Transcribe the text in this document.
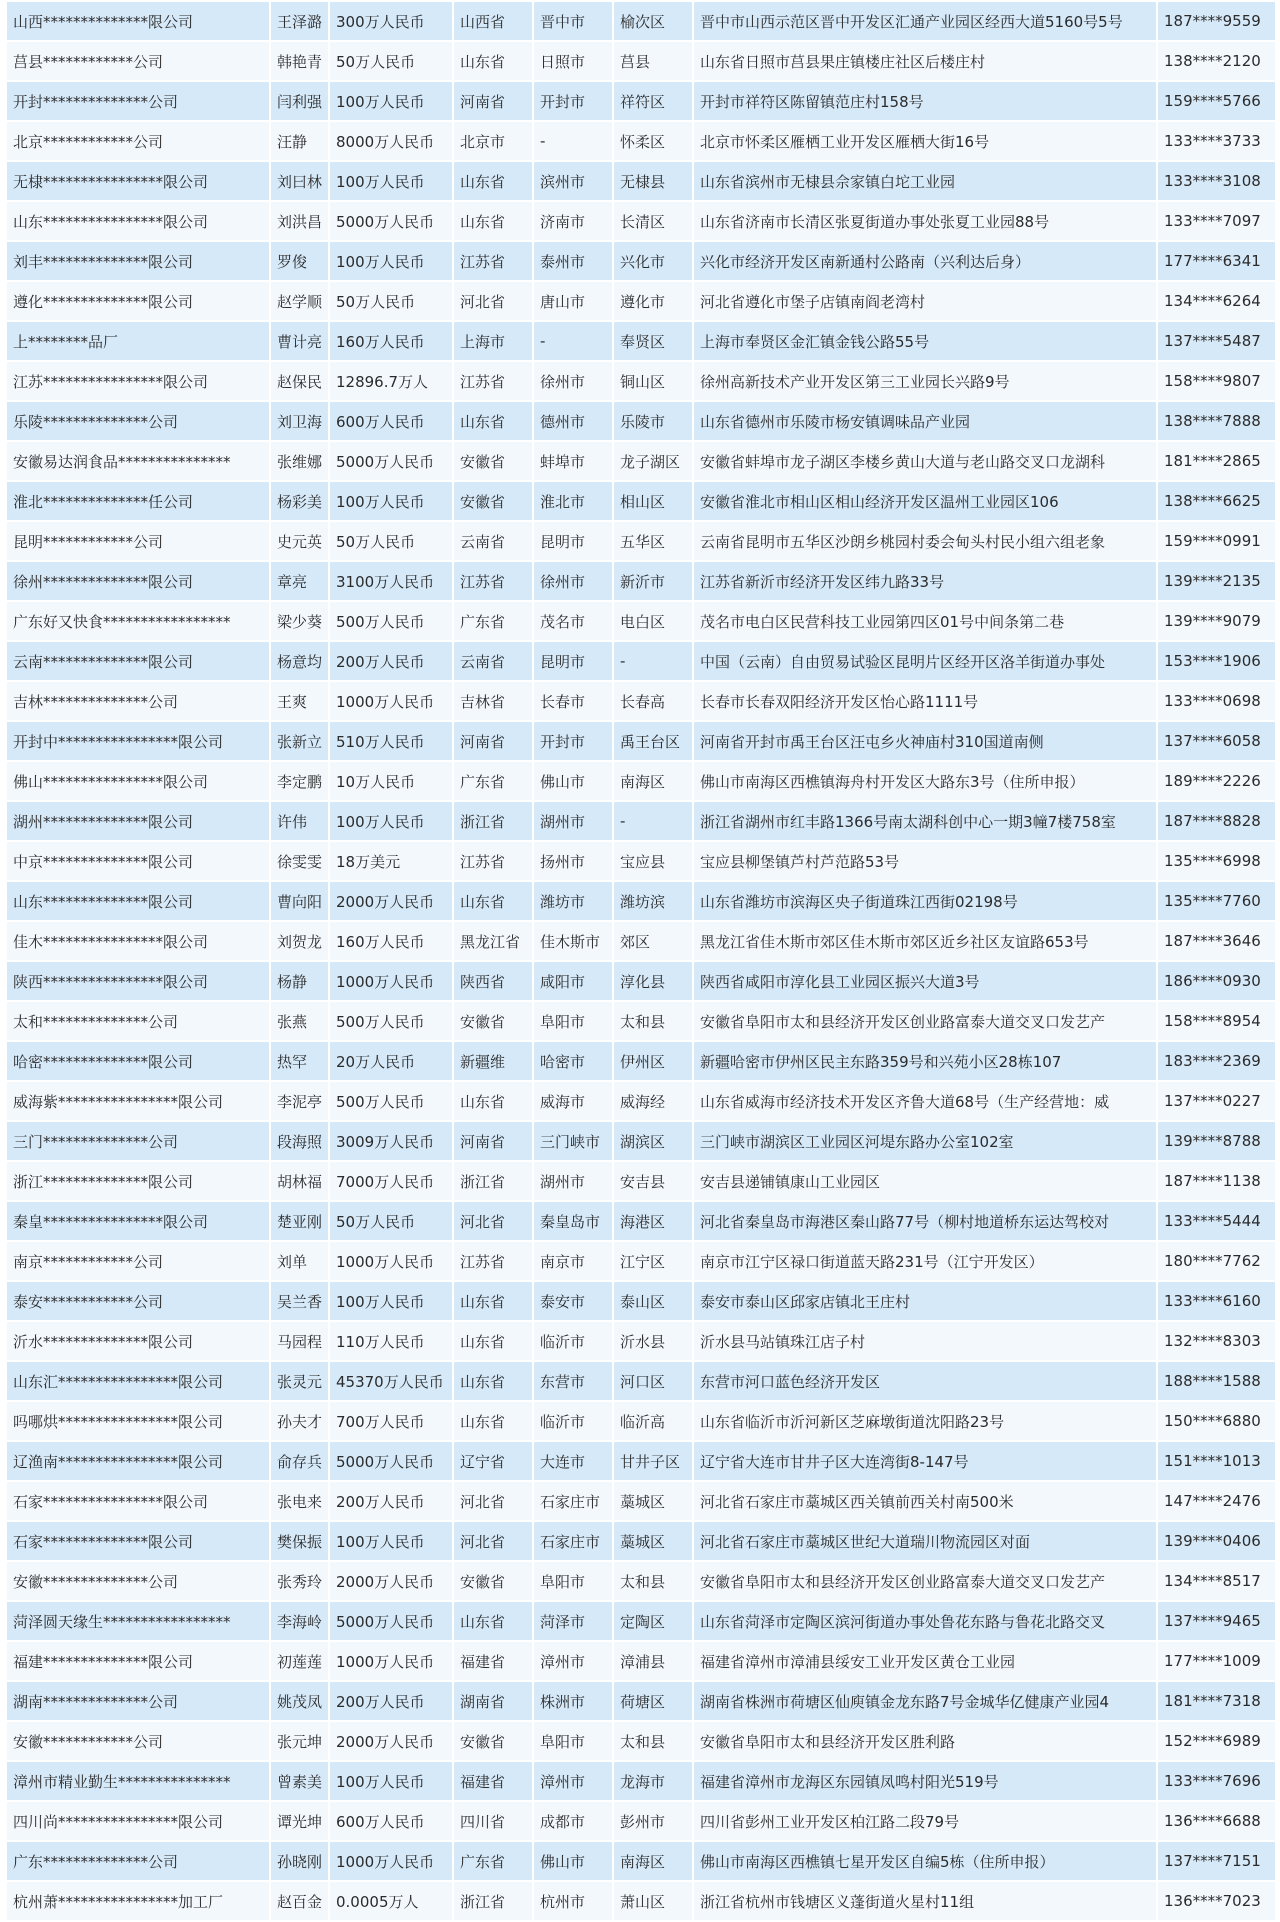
山西**************限公司	王泽潞	300万人民币	山西省	晋中市	榆次区	晋中市山西示范区晋中开发区汇通产业园区经西大道5160号5号	187****9559
莒县************公司	韩艳青	50万人民币	山东省	日照市	莒县	山东省日照市莒县果庄镇楼庄社区后楼庄村	138****2120
开封**************公司	闫利强	100万人民币	河南省	开封市	祥符区	开封市祥符区陈留镇范庄村158号	159****5766
北京************公司	汪静	8000万人民币	北京市	-	怀柔区	北京市怀柔区雁栖工业开发区雁栖大街16号	133****3733
无棣****************限公司	刘曰林	100万人民币	山东省	滨州市	无棣县	山东省滨州市无棣县佘家镇白坨工业园	133****3108
山东****************限公司	刘洪昌	5000万人民币	山东省	济南市	长清区	山东省济南市长清区张夏街道办事处张夏工业园88号	133****7097
刘丰**************限公司	罗俊	100万人民币	江苏省	泰州市	兴化市	兴化市经济开发区南新通村公路南（兴利达后身）	177****6341
遵化**************限公司	赵学顺	50万人民币	河北省	唐山市	遵化市	河北省遵化市堡子店镇南阎老湾村	134****6264
上********品厂	曹计亮	160万人民币	上海市	-	奉贤区	上海市奉贤区金汇镇金钱公路55号	137****5487
江苏****************限公司	赵保民	12896.7万人	江苏省	徐州市	铜山区	徐州高新技术产业开发区第三工业园长兴路9号	158****9807
乐陵**************公司	刘卫海	600万人民币	山东省	德州市	乐陵市	山东省德州市乐陵市杨安镇调味品产业园	138****7888
安徽易达润食品***************	张维娜	5000万人民币	安徽省	蚌埠市	龙子湖区	安徽省蚌埠市龙子湖区李楼乡黄山大道与老山路交叉口龙湖科	181****2865
淮北**************任公司	杨彩美	100万人民币	安徽省	淮北市	相山区	安徽省淮北市相山区相山经济开发区温州工业园区106	138****6625
昆明************公司	史元英	50万人民币	云南省	昆明市	五华区	云南省昆明市五华区沙朗乡桃园村委会甸头村民小组六组老象	159****0991
徐州**************限公司	章亮	3100万人民币	江苏省	徐州市	新沂市	江苏省新沂市经济开发区纬九路33号	139****2135
广东好又快食*****************	梁少葵	500万人民币	广东省	茂名市	电白区	茂名市电白区民营科技工业园第四区01号中间条第二巷	139****9079
云南**************限公司	杨意均	200万人民币	云南省	昆明市	-	中国（云南）自由贸易试验区昆明片区经开区洛羊街道办事处	153****1906
吉林**************公司	王爽	1000万人民币	吉林省	长春市	长春高	长春市长春双阳经济开发区怡心路1111号	133****0698
开封中****************限公司	张新立	510万人民币	河南省	开封市	禹王台区	河南省开封市禹王台区汪屯乡火神庙村310国道南侧	137****6058
佛山****************限公司	李定鹏	10万人民币	广东省	佛山市	南海区	佛山市南海区西樵镇海舟村开发区大路东3号（住所申报）	189****2226
湖州**************限公司	许伟	100万人民币	浙江省	湖州市	-	浙江省湖州市红丰路1366号南太湖科创中心一期3幢7楼758室	187****8828
中京**************限公司	徐雯雯	18万美元	江苏省	扬州市	宝应县	宝应县柳堡镇芦村芦范路53号	135****6998
山东**************限公司	曹向阳	2000万人民币	山东省	潍坊市	潍坊滨	山东省潍坊市滨海区央子街道珠江西街02198号	135****7760
佳木****************限公司	刘贺龙	160万人民币	黑龙江省	佳木斯市	郊区	黑龙江省佳木斯市郊区佳木斯市郊区近乡社区友谊路653号	187****3646
陕西****************限公司	杨静	1000万人民币	陕西省	咸阳市	淳化县	陕西省咸阳市淳化县工业园区振兴大道3号	186****0930
太和**************公司	张燕	500万人民币	安徽省	阜阳市	太和县	安徽省阜阳市太和县经济开发区创业路富泰大道交叉口发艺产	158****8954
哈密**************限公司	热罕	20万人民币	新疆维	哈密市	伊州区	新疆哈密市伊州区民主东路359号和兴苑小区28栋107	183****2369
威海紫****************限公司	李泥亭	500万人民币	山东省	威海市	威海经	山东省威海市经济技术开发区齐鲁大道68号（生产经营地：威	137****0227
三门**************公司	段海照	3009万人民币	河南省	三门峡市	湖滨区	三门峡市湖滨区工业园区河堤东路办公室102室	139****8788
浙江**************限公司	胡林福	7000万人民币	浙江省	湖州市	安吉县	安吉县递铺镇康山工业园区	187****1138
秦皇****************限公司	楚亚刚	50万人民币	河北省	秦皇岛市	海港区	河北省秦皇岛市海港区秦山路77号（柳村地道桥东运达驾校对	133****5444
南京************公司	刘单	1000万人民币	江苏省	南京市	江宁区	南京市江宁区禄口街道蓝天路231号（江宁开发区）	180****7762
泰安************公司	吴兰香	100万人民币	山东省	泰安市	泰山区	泰安市泰山区邱家店镇北王庄村	133****6160
沂水**************限公司	马园程	110万人民币	山东省	临沂市	沂水县	沂水县马站镇珠江店子村	132****8303
山东汇****************限公司	张灵元	45370万人民币	山东省	东营市	河口区	东营市河口蓝色经济开发区	188****1588
吗哪烘****************限公司	孙夫才	700万人民币	山东省	临沂市	临沂高	山东省临沂市沂河新区芝麻墩街道沈阳路23号	150****6880
辽渔南****************限公司	俞存兵	5000万人民币	辽宁省	大连市	甘井子区	辽宁省大连市甘井子区大连湾街8-147号	151****1013
石家****************限公司	张电来	200万人民币	河北省	石家庄市	藁城区	河北省石家庄市藁城区西关镇前西关村南500米	147****2476
石家**************限公司	樊保振	100万人民币	河北省	石家庄市	藁城区	河北省石家庄市藁城区世纪大道瑞川物流园区对面	139****0406
安徽**************公司	张秀玲	2000万人民币	安徽省	阜阳市	太和县	安徽省阜阳市太和县经济开发区创业路富泰大道交叉口发艺产	134****8517
菏泽圆天缘生*****************	李海岭	5000万人民币	山东省	菏泽市	定陶区	山东省菏泽市定陶区滨河街道办事处鲁花东路与鲁花北路交叉	137****9465
福建**************限公司	初莲莲	1000万人民币	福建省	漳州市	漳浦县	福建省漳州市漳浦县绥安工业开发区黄仓工业园	177****1009
湖南**************公司	姚茂凤	200万人民币	湖南省	株洲市	荷塘区	湖南省株洲市荷塘区仙庾镇金龙东路7号金城华亿健康产业园4	181****7318
安徽************公司	张元坤	2000万人民币	安徽省	阜阳市	太和县	安徽省阜阳市太和县经济开发区胜利路	152****6989
漳州市精业勤生***************	曾素美	100万人民币	福建省	漳州市	龙海市	福建省漳州市龙海区东园镇凤鸣村阳光519号	133****7696
四川尚****************限公司	谭光坤	600万人民币	四川省	成都市	彭州市	四川省彭州工业开发区柏江路二段79号	136****6688
广东**************公司	孙晓刚	1000万人民币	广东省	佛山市	南海区	佛山市南海区西樵镇七星开发区自编5栋（住所申报）	137****7151
杭州萧****************加工厂	赵百金	0.0005万人	浙江省	杭州市	萧山区	浙江省杭州市钱塘区义蓬街道火星村11组	136****7023
